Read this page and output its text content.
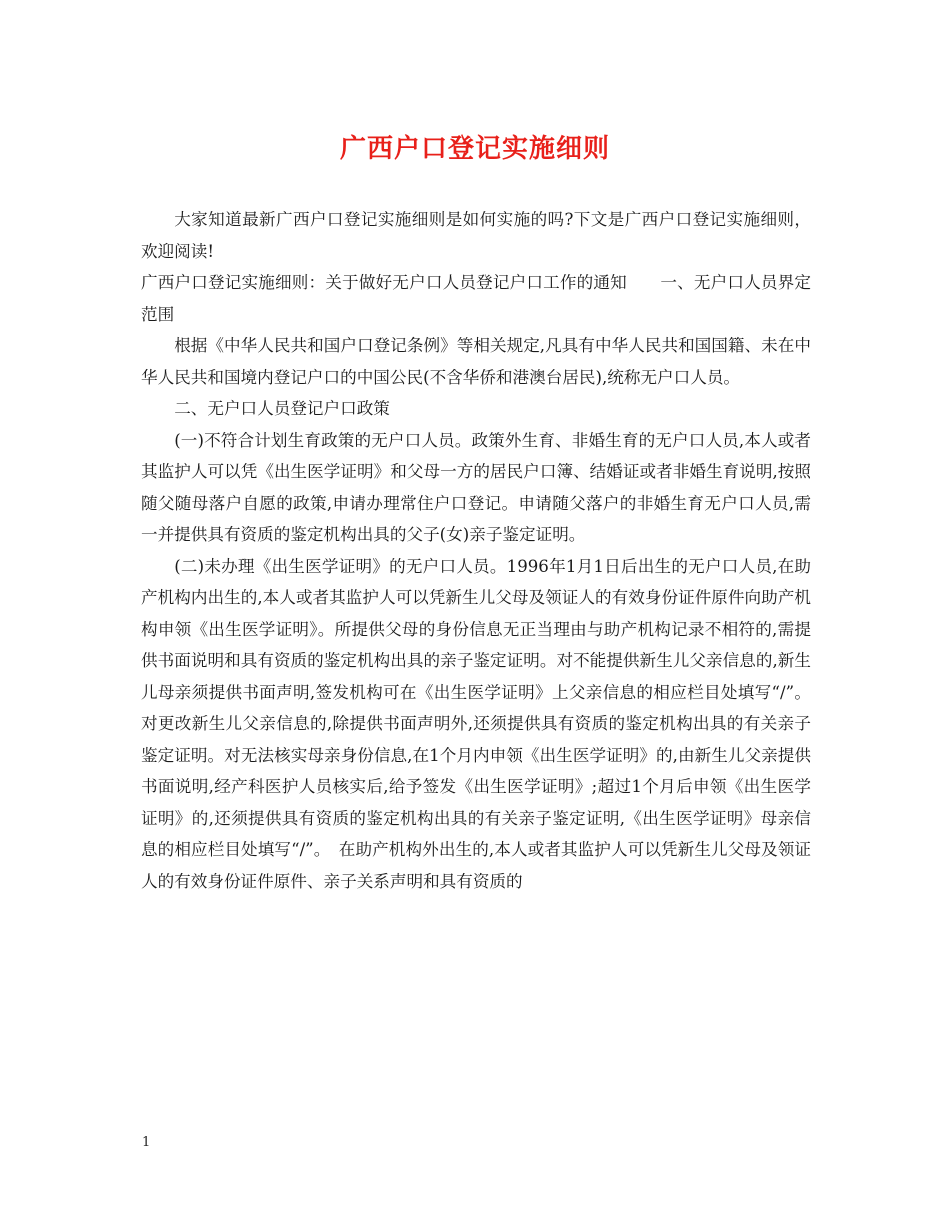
广西户口登记实施细则

大家知道最新广西户口登记实施细则是如何实施的吗?下文是广西户口登记实施细则，欢迎阅读!

广西户口登记实施细则：关于做好无户口人员登记户口工作的通知　　一、无户口人员界定范围

根据《中华人民共和国户口登记条例》等相关规定,凡具有中华人民共和国国籍、未在中华人民共和国境内登记户口的中国公民(不含华侨和港澳台居民),统称无户口人员。

二、无户口人员登记户口政策

(一)不符合计划生育政策的无户口人员。政策外生育、非婚生育的无户口人员,本人或者其监护人可以凭《出生医学证明》和父母一方的居民户口簿、结婚证或者非婚生育说明,按照随父随母落户自愿的政策,申请办理常住户口登记。申请随父落户的非婚生育无户口人员,需一并提供具有资质的鉴定机构出具的父子(女)亲子鉴定证明。

(二)未办理《出生医学证明》的无户口人员。1996年1月1日后出生的无户口人员,在助产机构内出生的,本人或者其监护人可以凭新生儿父母及领证人的有效身份证件原件向助产机构申领《出生医学证明》。所提供父母的身份信息无正当理由与助产机构记录不相符的,需提供书面说明和具有资质的鉴定机构出具的亲子鉴定证明。对不能提供新生儿父亲信息的,新生儿母亲须提供书面声明,签发机构可在《出生医学证明》上父亲信息的相应栏目处填写“/”。对更改新生儿父亲信息的,除提供书面声明外,还须提供具有资质的鉴定机构出具的有关亲子鉴定证明。对无法核实母亲身份信息,在1个月内申领《出生医学证明》的,由新生儿父亲提供书面说明,经产科医护人员核实后,给予签发《出生医学证明》;超过1个月后申领《出生医学证明》的,还须提供具有资质的鉴定机构出具的有关亲子鉴定证明,《出生医学证明》母亲信息的相应栏目处填写“/”。　在助产机构外出生的,本人或者其监护人可以凭新生儿父母及领证人的有效身份证件原件、亲子关系声明和具有资质的

1
